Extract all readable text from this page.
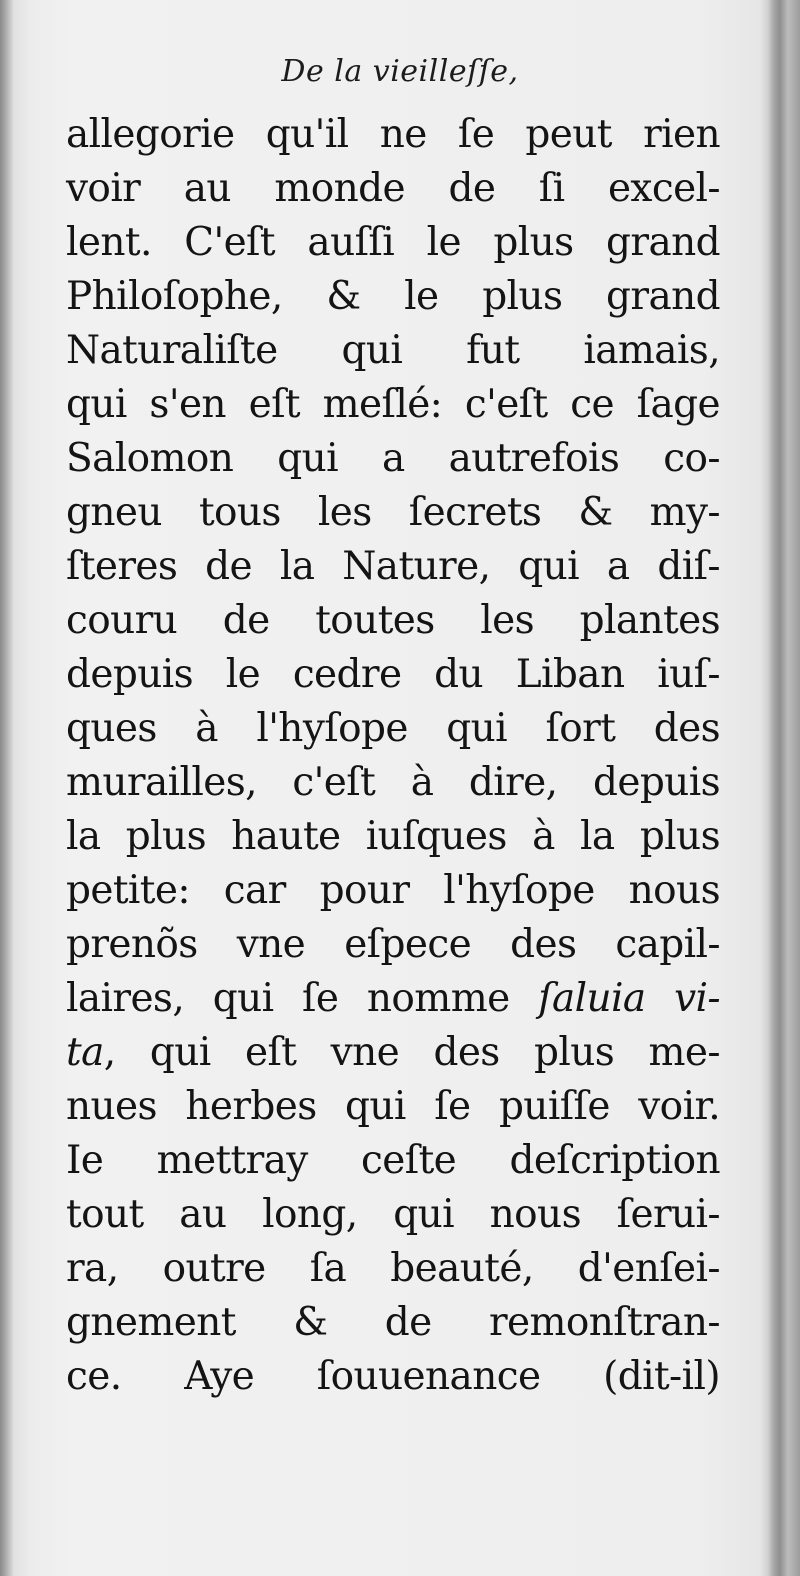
De la vieilleſſe,
allegorie qu'il ne ſe peut rien
voir au monde de ſi excel-
lent. C'eſt auſſi le plus grand
Philoſophe, & le plus grand
Naturaliſte qui fut iamais,
qui s'en eſt meſlé: c'eſt ce ſage
Salomon qui a autrefois co-
gneu tous les ſecrets & my-
ſteres de la Nature, qui a diſ-
couru de toutes les plantes
depuis le cedre du Liban iuſ-
ques à l'hyſope qui ſort des
murailles, c'eſt à dire, depuis
la plus haute iuſques à la plus
petite: car pour l'hyſope nous
prenõs vne eſpece des capil-
laires, qui ſe nomme ſaluia vi-
ta, qui eſt vne des plus me-
nues herbes qui ſe puiſſe voir.
Ie mettray ceſte deſcription
tout au long, qui nous ſerui-
ra, outre ſa beauté, d'enſei-
gnement & de remonſtran-
ce. Aye ſouuenance (dit-il)
